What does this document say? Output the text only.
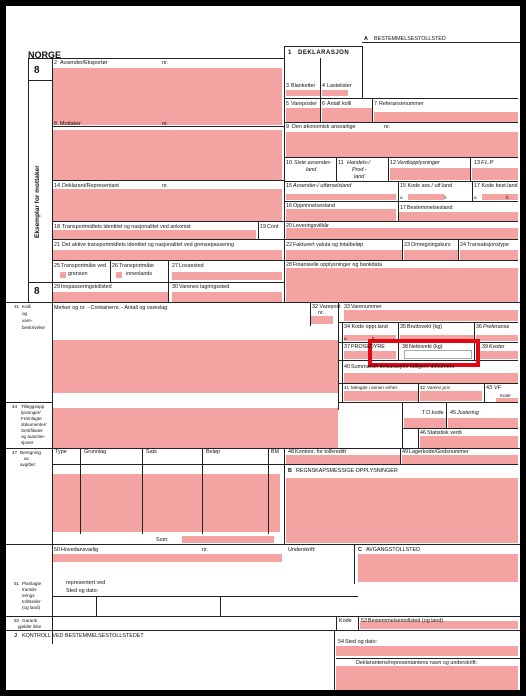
A BESTEMMELSESTOLLSTED
NORGE
8
1 DEKLARASJON
Eksemplar for mottaker
8
2 Avsender/Eksportør	nr.
3 Blanketter 4 Lastelister
5 Vareposter 6 Antall kolli	7 Referansenummer
8 Mottaker	nr.	9 Den økonomisk ansvarlige	nr.
10 Siste avsender-
land
11 Handels-/
Prod.-
land
12 Verdiopplysninger	13 F.L.P
14 Deklarant/Representant	nr.	15 Avsender-/ utførselsland	15 Kode avs./ utf.land
a	b
17 Kode best.land
a	b
16 Opprinnelsesland	17 Bestemmelsesland
18 Transportmidlets identitet og nasjonalitet ved ankomst	19 Cont 20 Leveringsvilkår
21 Det aktive transportmidlets identitet og nasjonalitet ved grensepassering	22 Fakturert valuta og totalbeløp	23 Omregningskurs 24 Transaksjonstype
25 Transportmåte ved
grensen
26 Transportmåte
innenlands
27 Lossested	28 Finansielle opplysninger og bankdata
29 Innpasseringstollsted	30 Varenes lagringssted
31 Kolli
og
vare-
beskrivelse
Merker og nr. - Containernr. - Antall og vareslag	32 Varepost
nr.
33 Varenummer
34 Kode oppr.land
a	b
35 Bruttovekt (kg)	36 Preferanse
37 PROSEDYRE	38 Nettovekt (kg)	39 Kvoter
40 Summarisk deklarasjon/ tidligere dokument
41 Mengde i annen enhet	42 Varens pris	43 VF
Kode
44 Tilleggsopp
lysninger/
Fremlagte
dokumenter/
Sertifikater
og autorise-
sjoner
T.O.kode 45 Justering
46 Statistisk verdi
47 Beregning
av
avgifter:
Type	Grunnlag	Sats	Beløp	BM
Sum:
48 Kontonr. for tollkreditt	49 Lagerkode/Godsnummer
B REGNSKAPSMESSIGE OPPLYSNINGER
50 Hovedansvarlig	nr.	Underskrift:	C AVGANGSTOLLSTED
representert ved
Sted og dato:
51 Planlagte
transitt-
erings
tollsteder
(og land)
52 Garanti
gjelder ikke
Kode 53 Bestemmelsestollsted (og land)
J KONTROLL VED BESTEMMELSESTOLLSTEDET
54 Sted og dato:
Deklarantens/representantens navn og underskrift:
